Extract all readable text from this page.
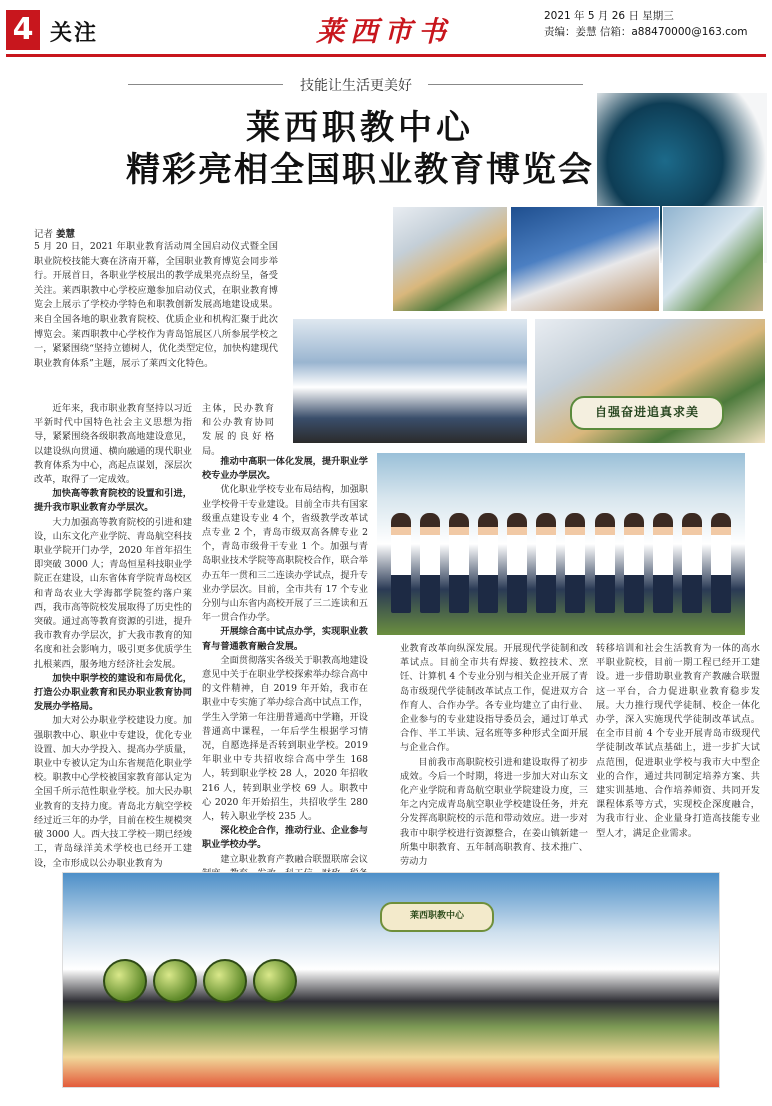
4 关注	莱西市书	2021 年 5 月 26 日 星期三
责编：姜慧 信箱：a88470000@163.com
技能让生活更美好
莱西职教中心
精彩亮相全国职业教育博览会
记者 姜慧
5 月 20 日，2021 年职业教育活动周全国启动仪式暨全国职业院校技能大赛在济南开幕，全国职业教育博览会同步举行。开展首日，各职业学校展出的教学成果亮点纷呈，备受关注。莱西职教中心学校应邀参加启动仪式，在职业教育博览会上展示了学校办学特色和职教创新发展高地建设成果。来自全国各地的职业教育院校、优质企业和机构汇聚于此次博览会。莱西职教中心学校作为青岛馆展区八所参展学校之一，紧紧围绕“坚持立德树人，优化类型定位，加快构建现代职业教育体系”主题，展示了莱西文化特色。
自强奋进追真求美

近年来，我市职业教育坚持以习近平新时代中国特色社会主义思想为指导，紧紧围绕各级职教高地建设意见，以建设纵向贯通、横向融通的现代职业教育体系为中心，高起点谋划，深层次改革，取得了一定成效。

加快高等教育院校的设置和引进，提升我市职业教育办学层次。

大力加强高等教育院校的引进和建设，山东文化产业学院、青岛航空科技职业学院开门办学，2020 年首年招生即突破 3000 人；青岛恒星科技职业学院正在建设，山东省体育学院青岛校区和青岛农业大学海都学院签约落户莱西，我市高等院校发展取得了历史性的突破。通过高等教育资源的引进，提升我市教育办学层次，扩大我市教育的知名度和社会影响力，吸引更多优质学生扎根莱西，服务地方经济社会发展。

加快中职学校的建设和布局优化，打造公办职业教育和民办职业教育协同发展办学格局。

加大对公办职业学校建设力度。加强职教中心、职业中专建设，优化专业设置、加大办学投入、提高办学质量，职业中专被认定为山东省规范化职业学校。职教中心学校被国家教育部认定为全国千所示范性职业学校。加大民办职业教育的支持力度。青岛北方航空学校经过近三年的办学，目前在校生规模突破 3000 人。西大技工学校一期已经竣工，青岛绿洋美术学校也已经开工建设，全市形成以公办职业教育为

主体，民办教育和公办教育协同发展的良好格局。

推动中高职一体化发展，提升职业学校专业办学层次。

优化职业学校专业布局结构，加强职业学校骨干专业建设。目前全市共有国家级重点建设专业 4 个，省级教学改革试点专业 2 个，青岛市级双高各牌专业 2 个，青岛市级骨干专业 1 个。加强与青岛职业技术学院等高职院校合作，联合举办五年一贯和三二连读办学试点，提升专业办学层次。目前，全市共有 17 个专业分别与山东省内高校开展了三二连读和五年一贯合作办学。

开展综合高中试点办学，实现职业教育与普通教育融合发展。

全面贯彻落实各级关于职教高地建设意见中关于在职业学校探索举办综合高中的文件精神，自 2019 年开始，我市在职业中专实施了举办综合高中试点工作，学生入学第一年注册普通高中学籍，开设普通高中课程，一年后学生根据学习情况，自愿选择是否转到职业学校。2019 年职业中专共招收综合高中学生 168 人，转到职业学校 28 人，2020 年招收 216 人，转到职业学校 69 人。职教中心 2020 年开始招生，共招收学生 280 人，转入职业学校 235 人。

深化校企合作，推动行业、企业参与职业学校办学。

建立职业教育产教融合联盟联席会议

业教育改革向纵深发展。开展现代学徒制和改革试点。目前全市共有焊接、数控技术、烹饪、计算机 4 个专业分别与相关企业开展了青岛市级现代学徒制改革试点工作，促进双方合作育人、合作办学。各专业均建立了由行业、企业参与的专业建设指导委员会，通过订单式合作、半工半读、冠名班等多种形式全面开展与企业合作。

目前我市高职院校引进和建设取得了初步成效。今后一个时期，将进一步加大对山东文化产业学院和青岛航空职业学院建设力度，三年之内完成青岛航空职业学校建设任务，并充分发挥高职院校的示范和带动效应。进一步对我市中职学校进行资源整合，在姜山镇新建一所集中职教育、五年制高职教育、技术推广、劳动力

转移培训和社会生活教育为一体的高水平职业院校，目前一期工程已经开工建设。进一步借助职业教育产教融合联盟这一平台，合力促进职业教育稳步发展。大力推行现代学徒制、校企一体化办学，深入实施现代学徒制改革试点。在全市目前 4 个专业开展青岛市级现代学徒制改革试点基础上，进一步扩大试点范围，促进职业学校与我市大中型企业的合作，通过共同制定培养方案、共建实训基地、合作培养师资、共同开发课程体系等方式，实现校企深度融合，为我市行业、企业量身打造高技能专业型人才，满足企业需求。

莱西职教中心
